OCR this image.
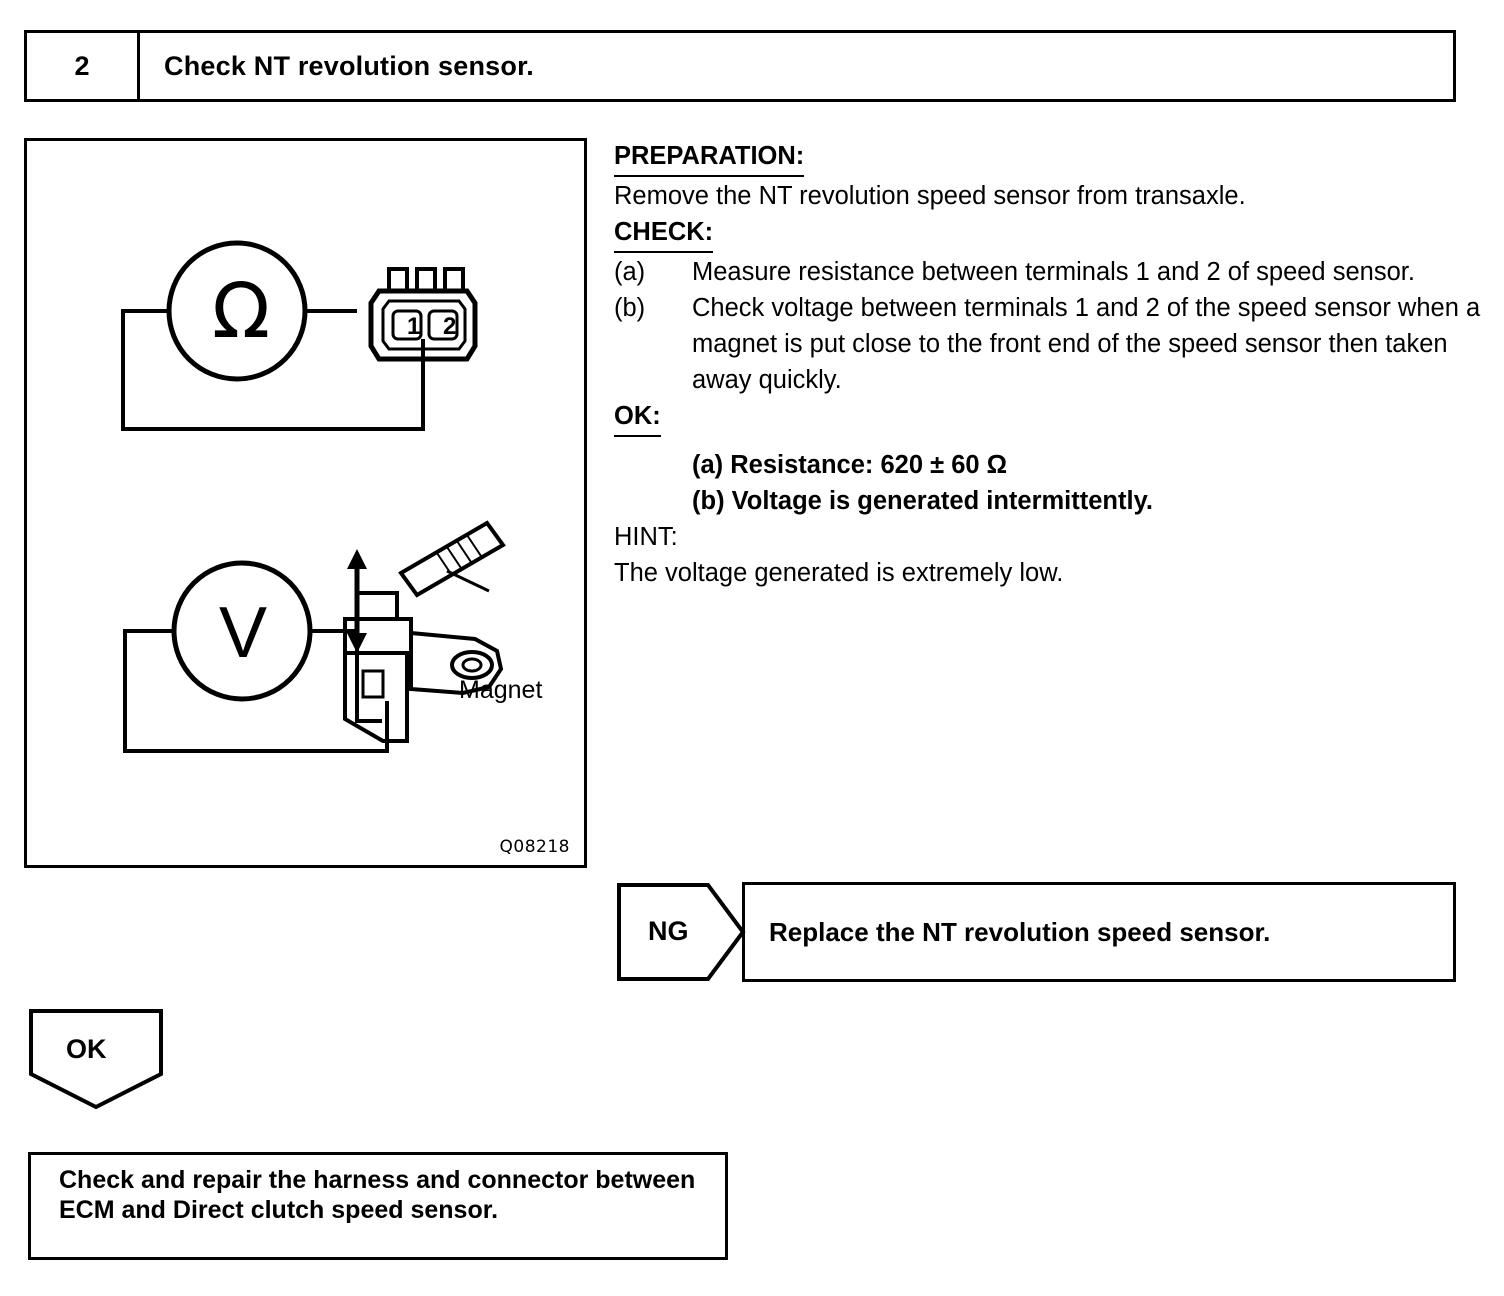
2	Check NT revolution sensor.
1 2
Ω
V
Magnet
Q08218
PREPARATION:
Remove the NT revolution speed sensor from transaxle.
CHECK:
(a)	Measure resistance between terminals 1 and 2 of speed sensor.
(b)	Check voltage between terminals 1 and 2 of the speed sensor when a magnet is put close to the front end of the speed sensor then taken away quickly.
OK:
(a) Resistance: 620 ± 60 Ω
(b) Voltage is generated intermittently.
HINT:
The voltage generated is extremely low.
NG	Replace the NT revolution speed sensor.
OK
Check and repair the harness and connector between ECM and Direct clutch speed sensor.
